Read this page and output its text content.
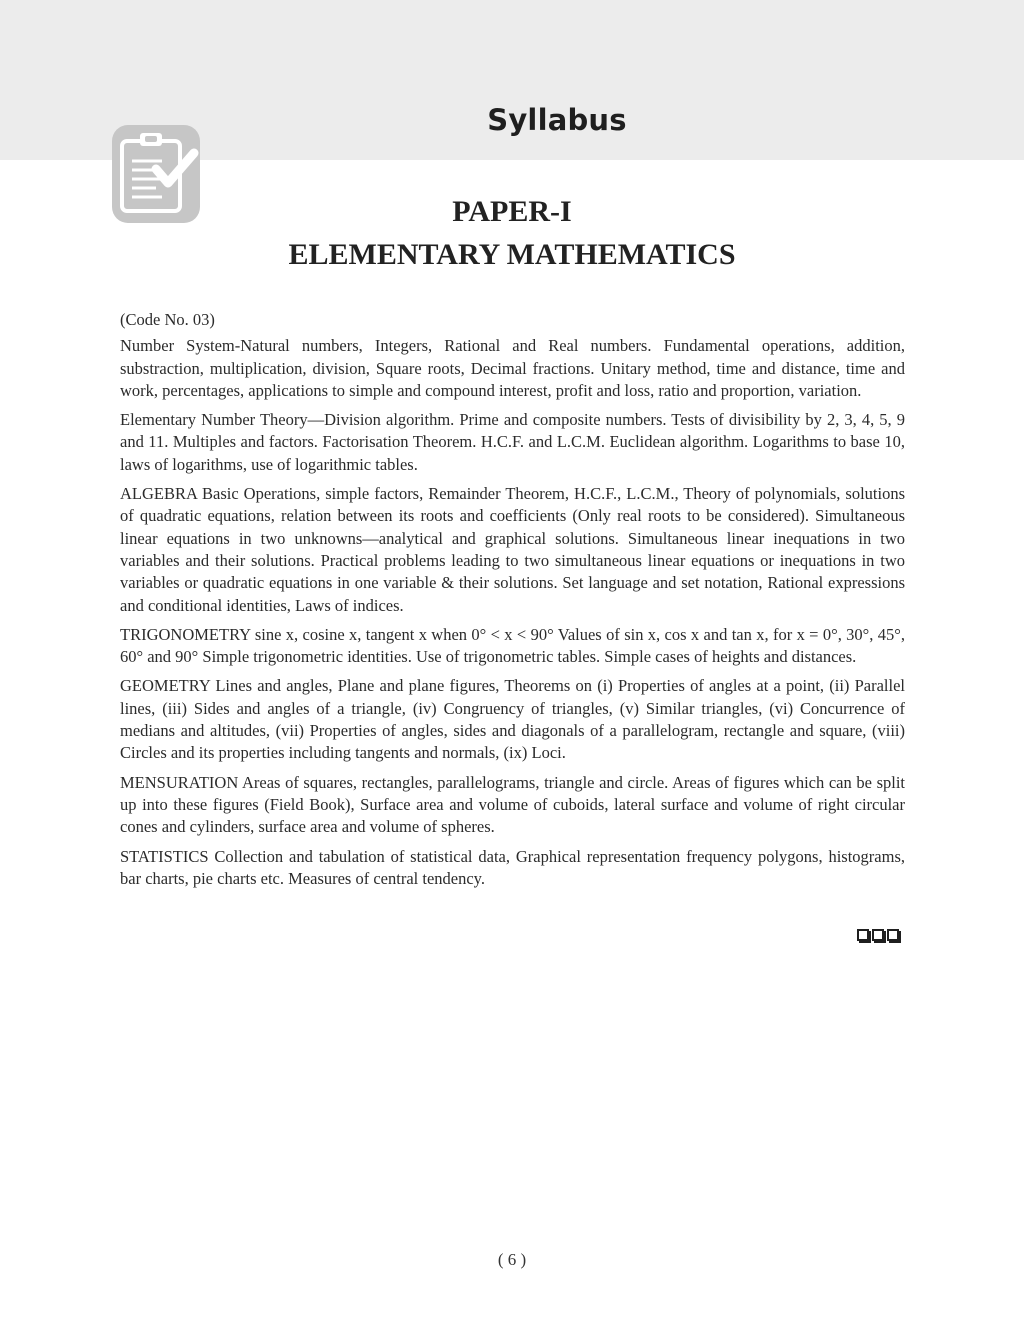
Syllabus
PAPER-I
ELEMENTARY MATHEMATICS

(Code No. 03)

Number System-Natural numbers, Integers, Rational and Real numbers. Fundamental operations, addition, substraction, multiplication, division, Square roots, Decimal fractions. Unitary method, time and distance, time and work, percentages, applications to simple and compound interest, profit and loss, ratio and proportion, variation.

Elementary Number Theory—Division algorithm. Prime and composite numbers. Tests of divisibility by 2, 3, 4, 5, 9 and 11. Multiples and factors. Factorisation Theorem. H.C.F. and L.C.M. Euclidean algorithm. Logarithms to base 10, laws of logarithms, use of logarithmic tables.

ALGEBRA Basic Operations, simple factors, Remainder Theorem, H.C.F., L.C.M., Theory of polynomials, solutions of quadratic equations, relation between its roots and coefficients (Only real roots to be considered). Simultaneous linear equations in two unknowns—analytical and graphical solutions. Simultaneous linear inequations in two variables and their solutions. Practical problems leading to two simultaneous linear equations or inequations in two variables or quadratic equations in one variable & their solutions. Set language and set notation, Rational expressions and conditional identities, Laws of indices.

TRIGONOMETRY sine x, cosine x, tangent x when 0° < x < 90° Values of sin x, cos x and tan x, for x = 0°, 30°, 45°, 60° and 90° Simple trigonometric identities. Use of trigonometric tables. Simple cases of heights and distances.

GEOMETRY Lines and angles, Plane and plane figures, Theorems on (i) Properties of angles at a point, (ii) Parallel lines, (iii) Sides and angles of a triangle, (iv) Congruency of triangles, (v) Similar triangles, (vi) Concurrence of medians and altitudes, (vii) Properties of angles, sides and diagonals of a parallelogram, rectangle and square, (viii) Circles and its properties including tangents and normals, (ix) Loci.

MENSURATION Areas of squares, rectangles, parallelograms, triangle and circle. Areas of figures which can be split up into these figures (Field Book), Surface area and volume of cuboids, lateral surface and volume of right circular cones and cylinders, surface area and volume of spheres.

STATISTICS Collection and tabulation of statistical data, Graphical representation frequency polygons, histograms, bar charts, pie charts etc. Measures of central tendency.

( 6 )
